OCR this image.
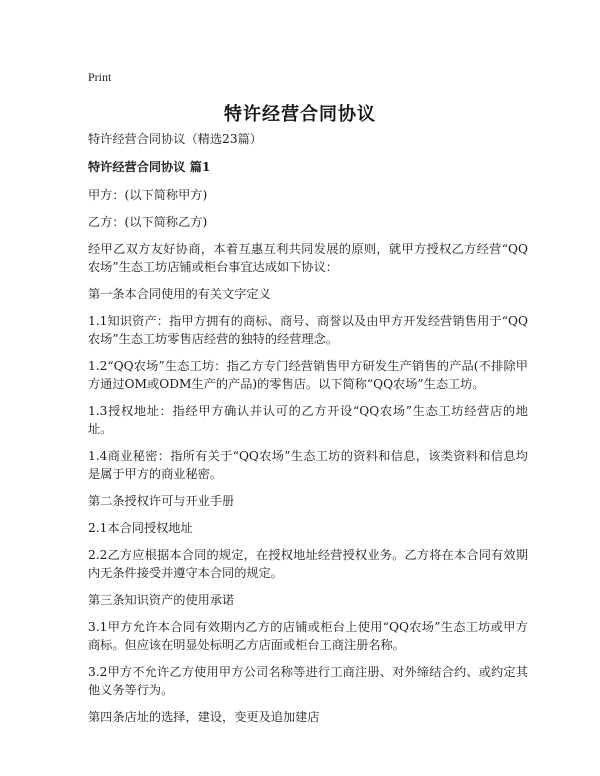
Print
特许经营合同协议

特许经营合同协议（精选23篇）

特许经营合同协议 篇1

甲方：(以下简称甲方)

乙方：(以下简称乙方)

经甲乙双方友好协商，本着互惠互利共同发展的原则，就甲方授权乙方经营“QQ农场”生态工坊店铺或柜台事宜达成如下协议：

第一条本合同使用的有关文字定义

1.1知识资产：指甲方拥有的商标、商号、商誉以及由甲方开发经营销售用于“QQ农场”生态工坊零售店经营的独特的经营理念。

1.2“QQ农场”生态工坊：指乙方专门经营销售甲方研发生产销售的产品(不排除甲方通过OM或ODM生产的产品)的零售店。以下简称“QQ农场”生态工坊。

1.3授权地址：指经甲方确认并认可的乙方开设“QQ农场”生态工坊经营店的地址。

1.4商业秘密：指所有关于“QQ农场”生态工坊的资料和信息，该类资料和信息均是属于甲方的商业秘密。

第二条授权许可与开业手册

2.1本合同授权地址

2.2乙方应根据本合同的规定，在授权地址经营授权业务。乙方将在本合同有效期内无条件接受并遵守本合同的规定。

第三条知识资产的使用承诺

3.1甲方允许本合同有效期内乙方的店铺或柜台上使用“QQ农场”生态工坊或甲方商标。但应该在明显处标明乙方店面或柜台工商注册名称。

3.2甲方不允许乙方使用甲方公司名称等进行工商注册、对外缔结合约、或约定其他义务等行为。

第四条店址的选择，建设，变更及追加建店
